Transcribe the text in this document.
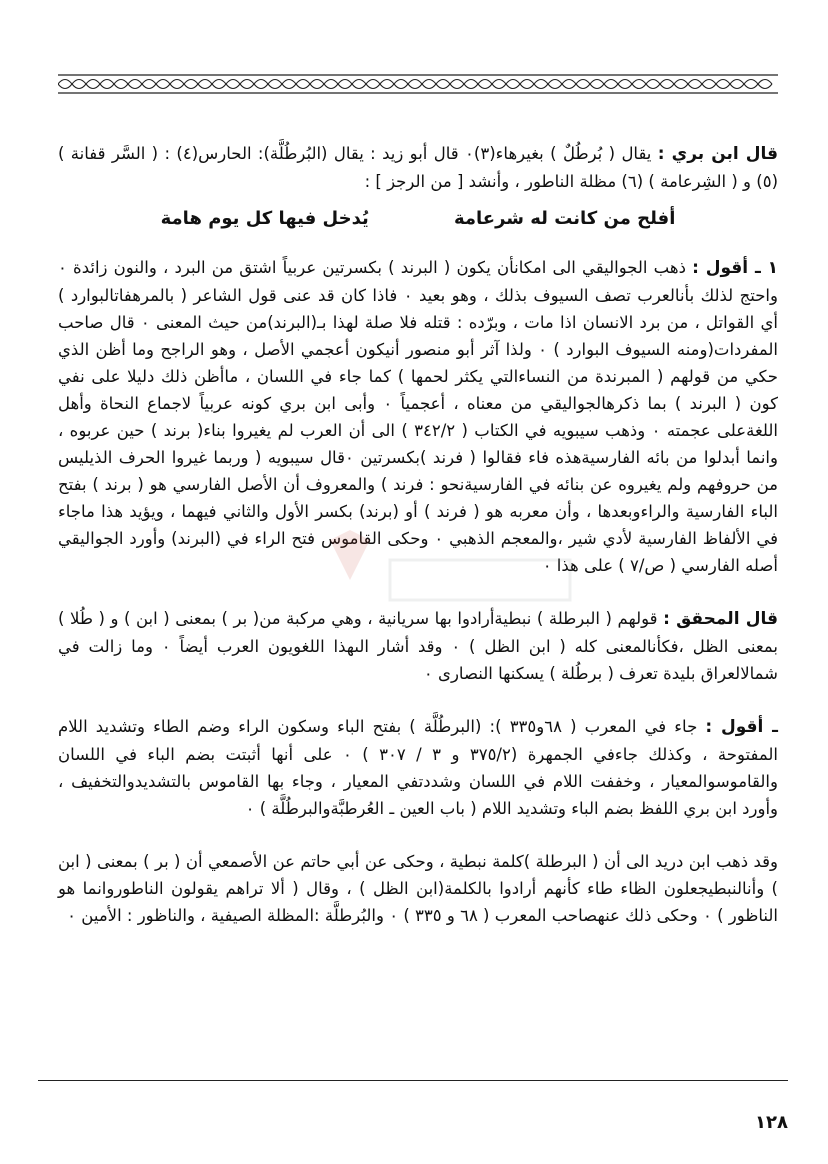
قال ابن بري : يقال ( بُرطُلٌ ) بغيرهاء(٣)٠ قال أبو زيد : يقال (البُرطُلَّة): الحارس(٤) : ( السَّر قفانة ) (٥) و ( الشِرعامة ) (٦) مظلة الناطور ، وأنشد [ من الرجز ] :

أفلح من كانت له شرعامة
يُدخل فيها كل يوم هامة

١ ـ أقول : ذهب الجواليقي الى امكانأن يكون ( البرند ) بكسرتين عربياً اشتق من البرد ، والنون زائدة ٠ واحتج لذلك بأنالعرب تصف السيوف بذلك ، وهو بعيد ٠ فاذا كان قد عنى قول الشاعر ( بالمرهفاتالبوارد ) أي القواتل ، من برد الانسان اذا مات ، وبرّده : قتله فلا صلة لهذا بـ(البرند)من حيث المعنى ٠ قال صاحب المفردات(ومنه السيوف البوارد ) ٠ ولذا آثر أبو منصور أنيكون أعجمي الأصل ، وهو الراجح وما أظن الذي حكي من قولهم ( المبرندة من النساءالتي يكثر لحمها ) كما جاء في اللسان ، ماأظن ذلك دليلا على نفي كون ( البرند ) بما ذكرهالجواليقي من معناه ، أعجمياً ٠ وأبى ابن بري كونه عربياً لاجماع النحاة وأهل اللغةعلى عجمته ٠ وذهب سيبويه في الكتاب ( ٣٤٢/٢ ) الى أن العرب لم يغيروا بناء( برند ) حين عربوه ، وانما أبدلوا من بائه الفارسيةهذه فاء فقالوا ( فرند )بكسرتين ٠قال سيبويه ( وربما غيروا الحرف الذيليس من حروفهم ولم يغيروه عن بنائه في الفارسيةنحو : فرند ) والمعروف أن الأصل الفارسي هو ( برند ) بفتح الباء الفارسية والراءوبعدها ، وأن معربه هو ( فرند ) أو (برند) بكسر الأول والثاني فيهما ، ويؤيد هذا ماجاء في الألفاظ الفارسية لأدي شير ،والمعجم الذهبي ٠ وحكى القاموس فتح الراء في (البرند) وأورد الجواليقي أصله الفارسي ( ص/٧ ) على هذا ٠

قال المحقق : قولهم ( البرطلة ) نبطيةأرادوا بها سريانية ، وهي مركبة من( بر ) بمعنى ( ابن ) و ( طُلا ) بمعنى الظل ،فكأنالمعنى كله ( ابن الظل ) ٠ وقد أشار الىهذا اللغويون العرب أيضاً ٠ وما زالت في شمالالعراق بليدة تعرف ( برطُلة ) يسكنها النصارى ٠

ـ أقول : جاء في المعرب ( ٦٨و٣٣٥ ): (البرطُلَّة ) بفتح الباء وسكون الراء وضم الطاء وتشديد اللام المفتوحة ، وكذلك جاءفي الجمهرة (٣٧٥/٢ و ٣ / ٣٠٧ ) ٠ على أنها أثبتت بضم الباء في اللسان والقاموسوالمعيار ، وخففت اللام في اللسان وشددتفي المعيار ، وجاء بها القاموس بالتشديدوالتخفيف ، وأورد ابن بري اللفظ بضم الباء وتشديد اللام ( باب العين ـ العُرطبَّةوالبرطُلَّة ) ٠

وقد ذهب ابن دريد الى أن ( البرطلة )كلمة نبطية ، وحكى عن أبي حاتم عن الأصمعي أن ( بر ) بمعنى ( ابن ) وأنالنبطيجعلون الظاء طاء كأنهم أرادوا بالكلمة(ابن الظل ) ، وقال ( ألا تراهم يقولون الناطوروانما هو الناظور ) ٠ وحكى ذلك عنهصاحب المعرب ( ٦٨ و ٣٣٥ ) ٠ والبُرطلَّة :المظلة الصيفية ، والناظور : الأمين ٠

١٢٨
